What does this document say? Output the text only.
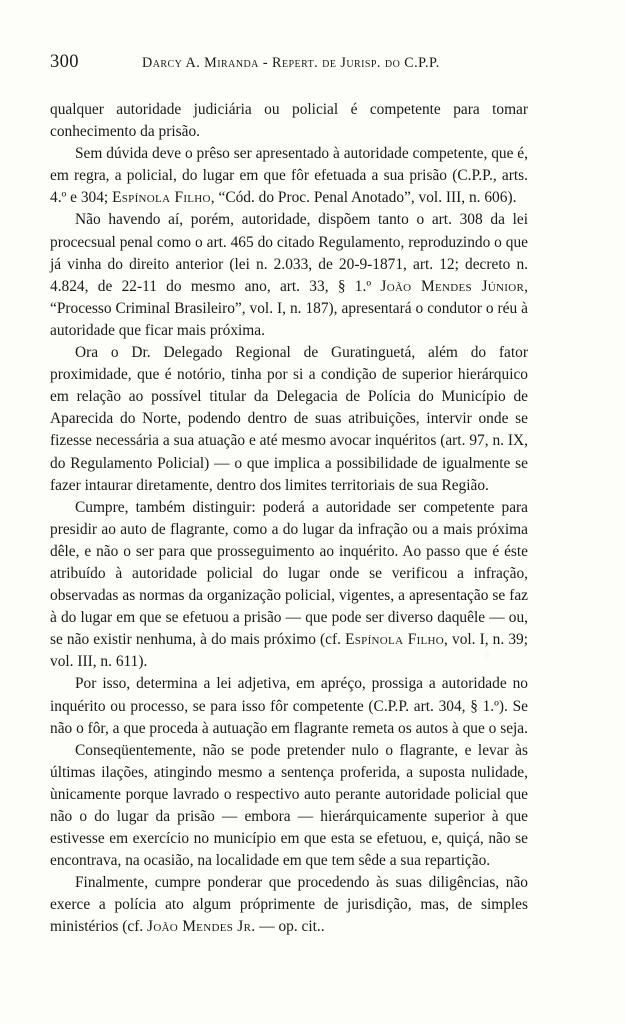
300	Darcy A. Miranda - Repert. de Jurisp. do C.P.P.

qualquer autoridade judiciária ou policial é competente para tomar conhecimento da prisão.

Sem dúvida deve o prêso ser apresentado à autoridade competente, que é, em regra, a policial, do lugar em que fôr efetuada a sua prisão (C.P.P., arts. 4.º e 304; Espínola Filho, “Cód. do Proc. Penal Anotado”, vol. III, n. 606).

Não havendo aí, porém, autoridade, dispõem tanto o art. 308 da lei procecsual penal como o art. 465 do citado Regulamento, reproduzindo o que já vinha do direito anterior (lei n. 2.033, de 20-9-1871, art. 12; decreto n. 4.824, de 22-11 do mesmo ano, art. 33, § 1.º João Mendes Júnior, “Processo Criminal Brasileiro”, vol. I, n. 187), apresentará o condutor o réu à autoridade que ficar mais próxima.

Ora o Dr. Delegado Regional de Guratinguetá, além do fator proximidade, que é notório, tinha por si a condição de superior hierárquico em relação ao possível titular da Delegacia de Polícia do Município de Aparecida do Norte, podendo dentro de suas atribuições, intervir onde se fizesse necessária a sua atuação e até mesmo avocar inquéritos (art. 97, n. IX, do Regulamento Policial) — o que implica a possibilidade de igualmente se fazer intaurar diretamente, dentro dos limites territoriais de sua Região.

Cumpre, também distinguir: poderá a autoridade ser competente para presidir ao auto de flagrante, como a do lugar da infração ou a mais próxima dêle, e não o ser para que prosseguimento ao inquérito. Ao passo que é éste atribuído à autoridade policial do lugar onde se verificou a infração, observadas as normas da organização policial, vigentes, a apresentação se faz à do lugar em que se efetuou a prisão — que pode ser diverso daquêle — ou, se não existir nenhuma, à do mais próximo (cf. Espínola Filho, vol. I, n. 39; vol. III, n. 611).

Por isso, determina a lei adjetiva, em apréço, prossiga a autoridade no inquérito ou processo, se para isso fôr competente (C.P.P. art. 304, § 1.º). Se não o fôr, a que proceda à autuação em flagrante remeta os autos à que o seja.

Conseqüentemente, não se pode pretender nulo o flagrante, e levar às últimas ilações, atingindo mesmo a sentença proferida, a suposta nulidade, ùnicamente porque lavrado o respectivo auto perante autoridade policial que não o do lugar da prisão — embora — hierárquicamente superior à que estivesse em exercício no município em que esta se efetuou, e, quiçá, não se encontrava, na ocasião, na localidade em que tem sêde a sua repartição.

Finalmente, cumpre ponderar que procedendo às suas diligências, não exerce a polícia ato algum próprimente de jurisdição, mas, de simples ministérios (cf. João Mendes Jr. — op. cit..
